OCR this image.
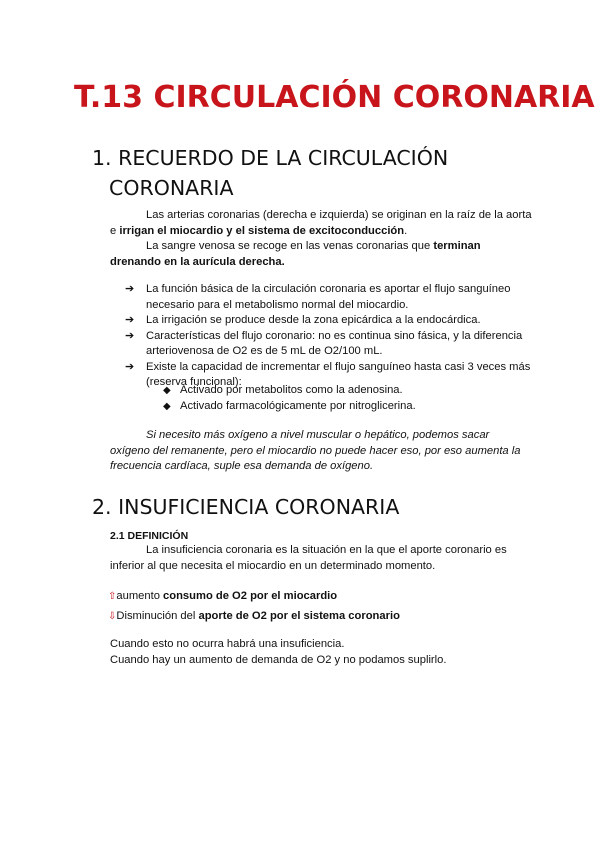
T.13 CIRCULACIÓN CORONARIA
1. RECUERDO DE LA CIRCULACIÓN
CORONARIA
Las arterias coronarias (derecha e izquierda) se originan en la raíz de la aorta
e irrigan el miocardio y el sistema de excitoconducción.
La sangre venosa se recoge en las venas coronarias que terminan
drenando en la aurícula derecha.
➔ La función básica de la circulación coronaria es aportar el flujo sanguíneo
necesario para el metabolismo normal del miocardio.
➔ La irrigación se produce desde la zona epicárdica a la endocárdica.
➔ Características del flujo coronario: no es continua sino fásica, y la diferencia
arteriovenosa de O2 es de 5 mL de O2/100 mL.
➔ Existe la capacidad de incrementar el flujo sanguíneo hasta casi 3 veces más
(reserva funcional):
◆ Activado por metabolitos como la adenosina.
◆ Activado farmacológicamente por nitroglicerina.
Si necesito más oxígeno a nivel muscular o hepático, podemos sacar
oxígeno del remanente, pero el miocardio no puede hacer eso, por eso aumenta la
frecuencia cardíaca, suple esa demanda de oxígeno.
2. INSUFICIENCIA CORONARIA
2.1 DEFINICIÓN
La insuficiencia coronaria es la situación en la que el aporte coronario es
inferior al que necesita el miocardio en un determinado momento.
⇧aumento consumo de O2 por el miocardio
⇩Disminución del aporte de O2 por el sistema coronario
Cuando esto no ocurra habrá una insuficiencia.
Cuando hay un aumento de demanda de O2 y no podamos suplirlo.
